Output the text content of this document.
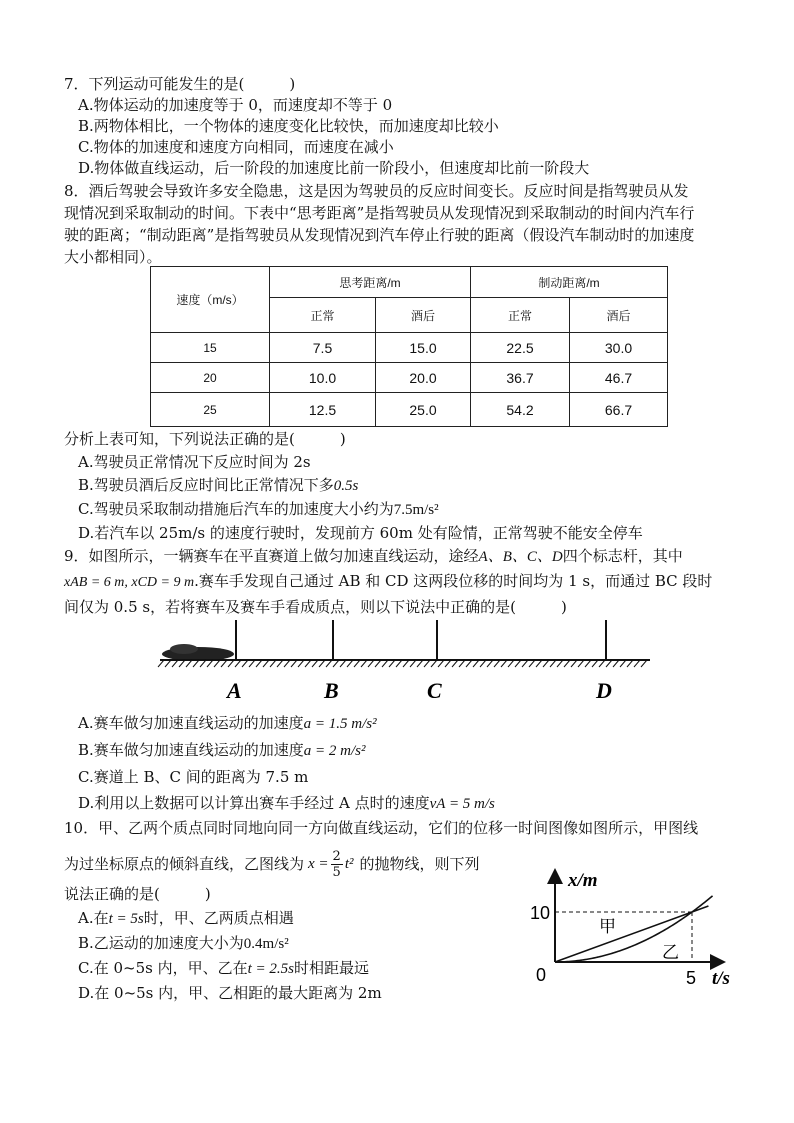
7．下列运动可能发生的是(　　　)
A.物体运动的加速度等于 0，而速度却不等于 0
B.两物体相比，一个物体的速度变化比较快，而加速度却比较小
C.物体的加速度和速度方向相同，而速度在减小
D.物体做直线运动，后一阶段的加速度比前一阶段小，但速度却比前一阶段大
8．酒后驾驶会导致许多安全隐患，这是因为驾驶员的反应时间变长。反应时间是指驾驶员从发
现情况到采取制动的时间。下表中“思考距离”是指驾驶员从发现情况到采取制动的时间内汽车行
驶的距离；“制动距离”是指驾驶员从发现情况到汽车停止行驶的距离（假设汽车制动时的加速度
大小都相同）。
速度（m/s）	思考距离/m		制动距离/m	
	正常	酒后	正常	酒后
15	7.5	15.0	22.5	30.0
20	10.0	20.0	36.7	46.7
25	12.5	25.0	54.2	66.7
分析上表可知，下列说法正确的是(　　　)
A.驾驶员正常情况下反应时间为 2s
B.驾驶员酒后反应时间比正常情况下多0.5s
C.驾驶员采取制动措施后汽车的加速度大小约为7.5m/s²
D.若汽车以 25m/s 的速度行驶时，发现前方 60m 处有险情，正常驾驶不能安全停车
9．如图所示，一辆赛车在平直赛道上做匀加速直线运动，途经A、B、C、D四个标志杆，其中
xAB = 6 m, xCD = 9 m.赛车手发现自己通过 AB 和 CD 这两段位移的时间均为 1 s，而通过 BC 段时
间仅为 0.5 s，若将赛车及赛车手看成质点，则以下说法中正确的是(　　　)
A	B	C	D
A.赛车做匀加速直线运动的加速度a = 1.5 m/s²
B.赛车做匀加速直线运动的加速度a = 2 m/s²
C.赛道上 B、C 间的距离为 7.5 m
D.利用以上数据可以计算出赛车手经过 A 点时的速度vA = 5 m/s
10．甲、乙两个质点同时同地向同一方向做直线运动，它们的位移一时间图像如图所示，甲图线
为过坐标原点的倾斜直线，乙图线为 $x = \frac{2}{5} t^2$ 的抛物线，则下列
说法正确的是(　　　)
A.在t = 5s时，甲、乙两质点相遇
B.乙运动的加速度大小为0.4m/s²
C.在 0~5s 内，甲、乙在t = 2.5s时相距最远
D.在 0~5s 内，甲、乙相距的最大距离为 2m
x/m
t/s
0
10
5
甲
乙
